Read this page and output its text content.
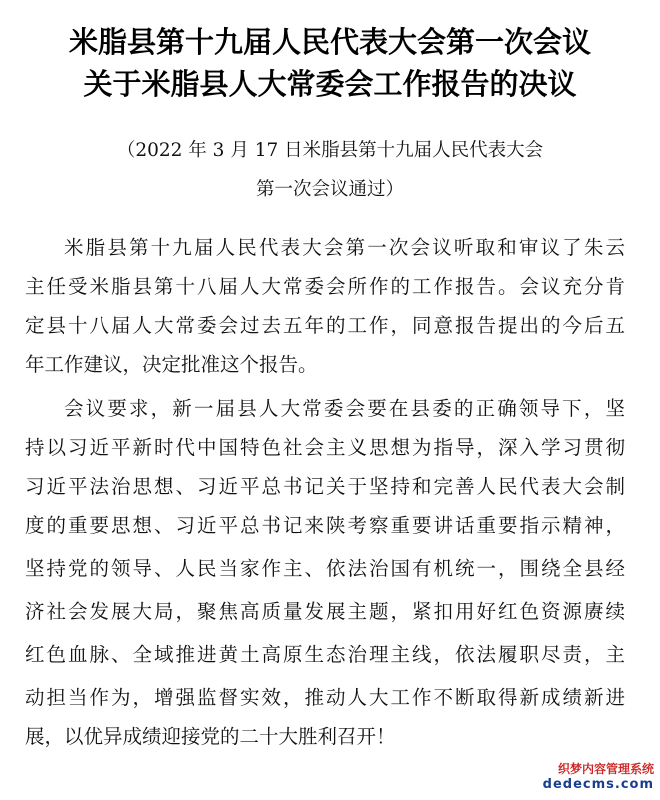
米脂县第十九届人民代表大会第一次会议
关于米脂县人大常委会工作报告的决议
（2022 年 3 月 17 日米脂县第十九届人民代表大会
第一次会议通过）
米脂县第十九届人民代表大会第一次会议听取和审议了朱云
主任受米脂县第十八届人大常委会所作的工作报告。会议充分肯
定县十八届人大常委会过去五年的工作，同意报告提出的今后五
年工作建议，决定批准这个报告。
会议要求，新一届县人大常委会要在县委的正确领导下，坚
持以习近平新时代中国特色社会主义思想为指导，深入学习贯彻
习近平法治思想、习近平总书记关于坚持和完善人民代表大会制
度的重要思想、习近平总书记来陕考察重要讲话重要指示精神，
坚持党的领导、人民当家作主、依法治国有机统一，围绕全县经
济社会发展大局，聚焦高质量发展主题，紧扣用好红色资源赓续
红色血脉、全域推进黄土高原生态治理主线，依法履职尽责，主
动担当作为，增强监督实效，推动人大工作不断取得新成绩新进
展，以优异成绩迎接党的二十大胜利召开！
织梦内容管理系统
dedecms.com
